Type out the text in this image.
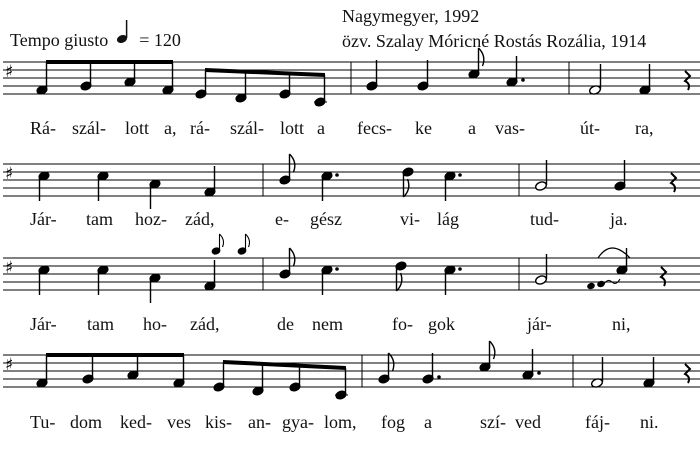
Tempo giusto = 120
Nagymegyer, 1992
özv. Szalay Móricné Rostás Rozália, 1914
♯
♯
♯
♯
Rá- szál- lott a, rá- szál- lott a fecs- ke a vas-	út- ra,
Jár- tam hoz- zád,	e- gész	vi- lág	tud-	ja.
Jár- tam ho- zád,	de nem	fo- gok	jár-	ni,
Tu- dom ked- ves kis- an- gya- lom, fog a	szí- ved fáj- ni.
